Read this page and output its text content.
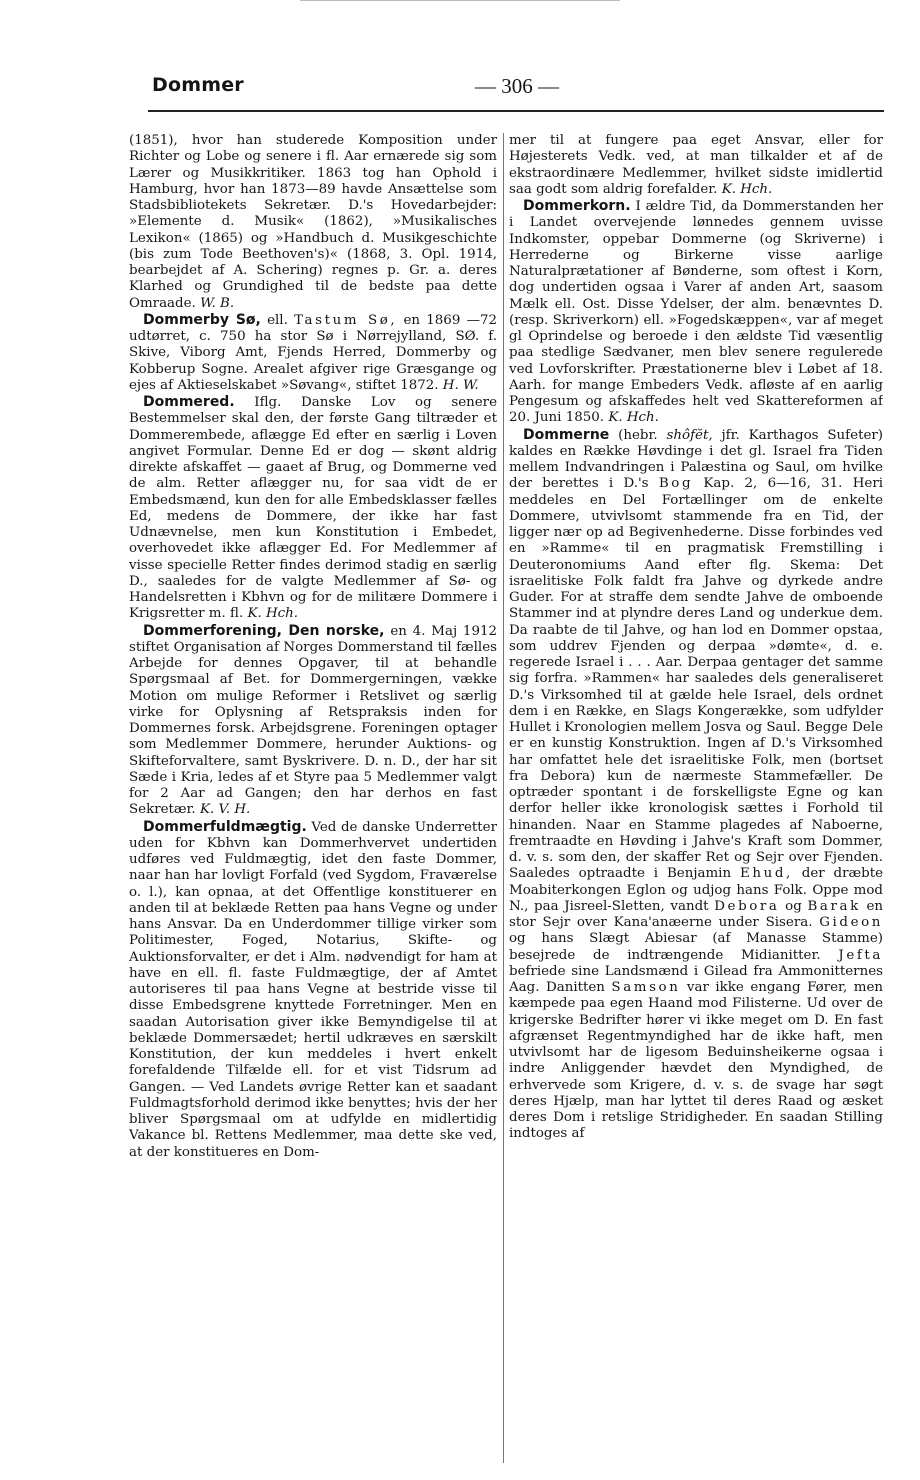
Dommer	— 306 —

(1851), hvor han studerede Komposition under Richter og Lobe og senere i fl. Aar ernærede sig som Lærer og Musikkritiker. 1863 tog han Ophold i Hamburg, hvor han 1873—89 havde Ansættelse som Stadsbibliotekets Sekretær. D.'s Hovedarbejder: »Elemente d. Musik« (1862), »Musikalisches Lexikon« (1865) og »Handbuch d. Musikgeschichte (bis zum Tode Beethoven's)« (1868, 3. Opl. 1914, bearbejdet af A. Schering) regnes p. Gr. a. deres Klarhed og Grundighed til de bedste paa dette Omraade. W. B.

Dommerby Sø, ell. Tastum Sø, en 1869 —72 udtørret, c. 750 ha stor Sø i Nørrejylland, SØ. f. Skive, Viborg Amt, Fjends Herred, Dommerby og Kobberup Sogne. Arealet afgiver rige Græsgange og ejes af Aktieselskabet »Søvang«, stiftet 1872. H. W.

Dommered. Iflg. Danske Lov og senere Bestemmelser skal den, der første Gang tiltræder et Dommerembede, aflægge Ed efter en særlig i Loven angivet Formular. Denne Ed er dog — skønt aldrig direkte afskaffet — gaaet af Brug, og Dommerne ved de alm. Retter aflægger nu, for saa vidt de er Embedsmænd, kun den for alle Embedsklasser fælles Ed, medens de Dommere, der ikke har fast Udnævnelse, men kun Konstitution i Embedet, overhovedet ikke aflægger Ed. For Medlemmer af visse specielle Retter findes derimod stadig en særlig D., saaledes for de valgte Medlemmer af Sø- og Handelsretten i Kbhvn og for de militære Dommere i Krigsretter m. fl. K. Hch.

Dommerforening, Den norske, en 4. Maj 1912 stiftet Organisation af Norges Dommerstand til fælles Arbejde for dennes Opgaver, til at behandle Spørgsmaal af Bet. for Dommergerningen, vække Motion om mulige Reformer i Retslivet og særlig virke for Oplysning af Retspraksis inden for Dommernes forsk. Arbejdsgrene. Foreningen optager som Medlemmer Dommere, herunder Auktions- og Skifteforvaltere, samt Byskrivere. D. n. D., der har sit Sæde i Kria, ledes af et Styre paa 5 Medlemmer valgt for 2 Aar ad Gangen; den har derhos en fast Sekretær. K. V. H.

Dommerfuldmægtig. Ved de danske Underretter uden for Kbhvn kan Dommerhvervet undertiden udføres ved Fuldmægtig, idet den faste Dommer, naar han har lovligt Forfald (ved Sygdom, Fraværelse o. l.), kan opnaa, at det Offentlige konstituerer en anden til at beklæde Retten paa hans Vegne og under hans Ansvar. Da en Underdommer tillige virker som Politimester, Foged, Notarius, Skifte- og Auktionsforvalter, er det i Alm. nødvendigt for ham at have en ell. fl. faste Fuldmægtige, der af Amtet autoriseres til paa hans Vegne at bestride visse til disse Embedsgrene knyttede Forretninger. Men en saadan Autorisation giver ikke Bemyndigelse til at beklæde Dommersædet; hertil udkræves en særskilt Konstitution, der kun meddeles i hvert enkelt forefaldende Tilfælde ell. for et vist Tidsrum ad Gangen. — Ved Landets øvrige Retter kan et saadant Fuldmagtsforhold derimod ikke benyttes; hvis der her bliver Spørgsmaal om at udfylde en midlertidig Vakance bl. Rettens Medlemmer, maa dette ske ved, at der konstitueres en Dom-

mer til at fungere paa eget Ansvar, eller for Højesterets Vedk. ved, at man tilkalder et af de ekstraordinære Medlemmer, hvilket sidste imidlertid saa godt som aldrig forefalder. K. Hch.

Dommerkorn. I ældre Tid, da Dommerstanden her i Landet overvejende lønnedes gennem uvisse Indkomster, oppebar Dommerne (og Skriverne) i Herrederne og Birkerne visse aarlige Naturalprætationer af Bønderne, som oftest i Korn, dog undertiden ogsaa i Varer af anden Art, saasom Mælk ell. Ost. Disse Ydelser, der alm. benævntes D. (resp. Skriverkorn) ell. »Fogedskæppen«, var af meget gl Oprindelse og beroede i den ældste Tid væsentlig paa stedlige Sædvaner, men blev senere regulerede ved Lovforskrifter. Præstationerne blev i Løbet af 18. Aarh. for mange Embeders Vedk. afløste af en aarlig Pengesum og afskaffedes helt ved Skattereformen af 20. Juni 1850. K. Hch.

Dommerne (hebr. shôfĕt, jfr. Karthagos Sufeter) kaldes en Række Høvdinge i det gl. Israel fra Tiden mellem Indvandringen i Palæstina og Saul, om hvilke der berettes i D.'s Bog Kap. 2, 6—16, 31. Heri meddeles en Del Fortællinger om de enkelte Dommere, utvivlsomt stammende fra en Tid, der ligger nær op ad Begivenhederne. Disse forbindes ved en »Ramme« til en pragmatisk Fremstilling i Deuteronomiums Aand efter flg. Skema: Det israelitiske Folk faldt fra Jahve og dyrkede andre Guder. For at straffe dem sendte Jahve de omboende Stammer ind at plyndre deres Land og underkue dem. Da raabte de til Jahve, og han lod en Dommer opstaa, som uddrev Fjenden og derpaa »dømte«, d. e. regerede Israel i . . . Aar. Derpaa gentager det samme sig forfra. »Rammen« har saaledes dels generaliseret D.'s Virksomhed til at gælde hele Israel, dels ordnet dem i en Række, en Slags Kongerække, som udfylder Hullet i Kronologien mellem Josva og Saul. Begge Dele er en kunstig Konstruktion. Ingen af D.'s Virksomhed har omfattet hele det israelitiske Folk, men (bortset fra Debora) kun de nærmeste Stammefæller. De optræder spontant i de forskelligste Egne og kan derfor heller ikke kronologisk sættes i Forhold til hinanden. Naar en Stamme plagedes af Naboerne, fremtraadte en Høvding i Jahve's Kraft som Dommer, d. v. s. som den, der skaffer Ret og Sejr over Fjenden. Saaledes optraadte i Benjamin Ehud, der dræbte Moabiterkongen Eglon og udjog hans Folk. Oppe mod N., paa Jisreel-Sletten, vandt Debora og Barak en stor Sejr over Kana'anæerne under Sisera. Gideon og hans Slægt Abiesar (af Manasse Stamme) besejrede de indtrængende Midianitter. Jefta befriede sine Landsmænd i Gilead fra Ammonitternes Aag. Danitten Samson var ikke engang Fører, men kæmpede paa egen Haand mod Filisterne. Ud over de krigerske Bedrifter hører vi ikke meget om D. En fast afgrænset Regentmyndighed har de ikke haft, men utvivlsomt har de ligesom Beduinsheikerne ogsaa i indre Anliggender hævdet den Myndighed, de erhvervede som Krigere, d. v. s. de svage har søgt deres Hjælp, man har lyttet til deres Raad og æsket deres Dom i retslige Stridigheder. En saadan Stilling indtoges af
